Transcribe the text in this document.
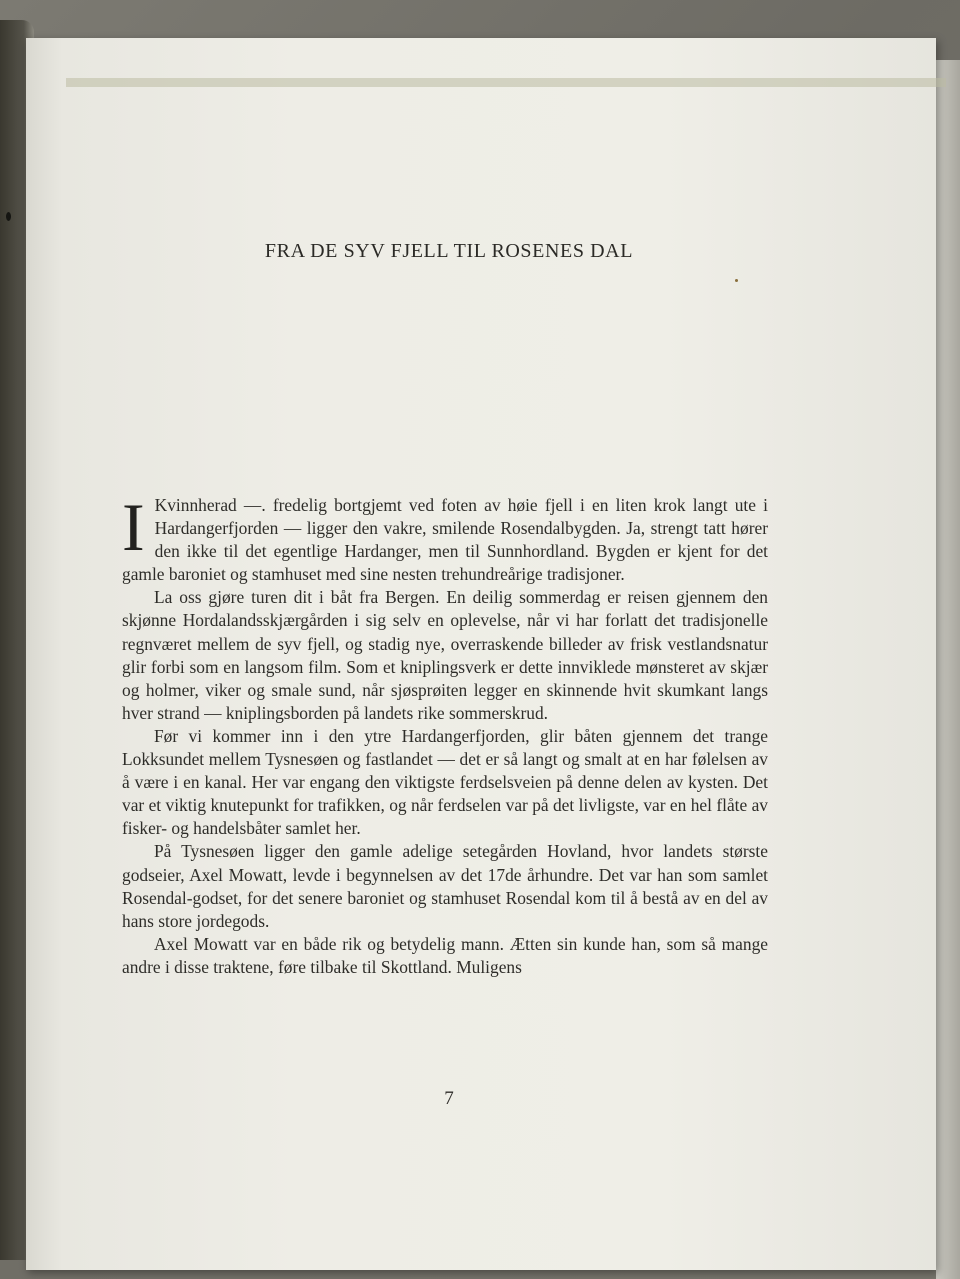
FRA DE SYV FJELL TIL ROSENES DAL

I Kvinnherad —. fredelig bortgjemt ved foten av høie fjell i en liten krok langt ute i Hardangerfjorden — ligger den vakre, smilende Rosendalbygden. Ja, strengt tatt hører den ikke til det egentlige Hardanger, men til Sunnhordland. Bygden er kjent for det gamle baroniet og stamhuset med sine nesten trehundreårige tradisjoner.

La oss gjøre turen dit i båt fra Bergen. En deilig sommerdag er reisen gjennem den skjønne Hordalandsskjærgården i sig selv en oplevelse, når vi har forlatt det tradisjonelle regnværet mellem de syv fjell, og stadig nye, overraskende billeder av frisk vestlandsnatur glir forbi som en langsom film. Som et kniplingsverk er dette innviklede mønsteret av skjær og holmer, viker og smale sund, når sjøsprøiten legger en skinnende hvit skumkant langs hver strand — kniplingsborden på landets rike sommerskrud.

Før vi kommer inn i den ytre Hardangerfjorden, glir båten gjennem det trange Lokksundet mellem Tysnesøen og fastlandet — det er så langt og smalt at en har følelsen av å være i en kanal. Her var engang den viktigste ferdselsveien på denne delen av kysten. Det var et viktig knutepunkt for trafikken, og når ferdselen var på det livligste, var en hel flåte av fisker- og handelsbåter samlet her.

På Tysnesøen ligger den gamle adelige setegården Hovland, hvor landets største godseier, Axel Mowatt, levde i begynnelsen av det 17de århundre. Det var han som samlet Rosendal-godset, for det senere baroniet og stamhuset Rosendal kom til å bestå av en del av hans store jordegods.

Axel Mowatt var en både rik og betydelig mann. Ætten sin kunde han, som så mange andre i disse traktene, føre tilbake til Skottland. Muligens

7
